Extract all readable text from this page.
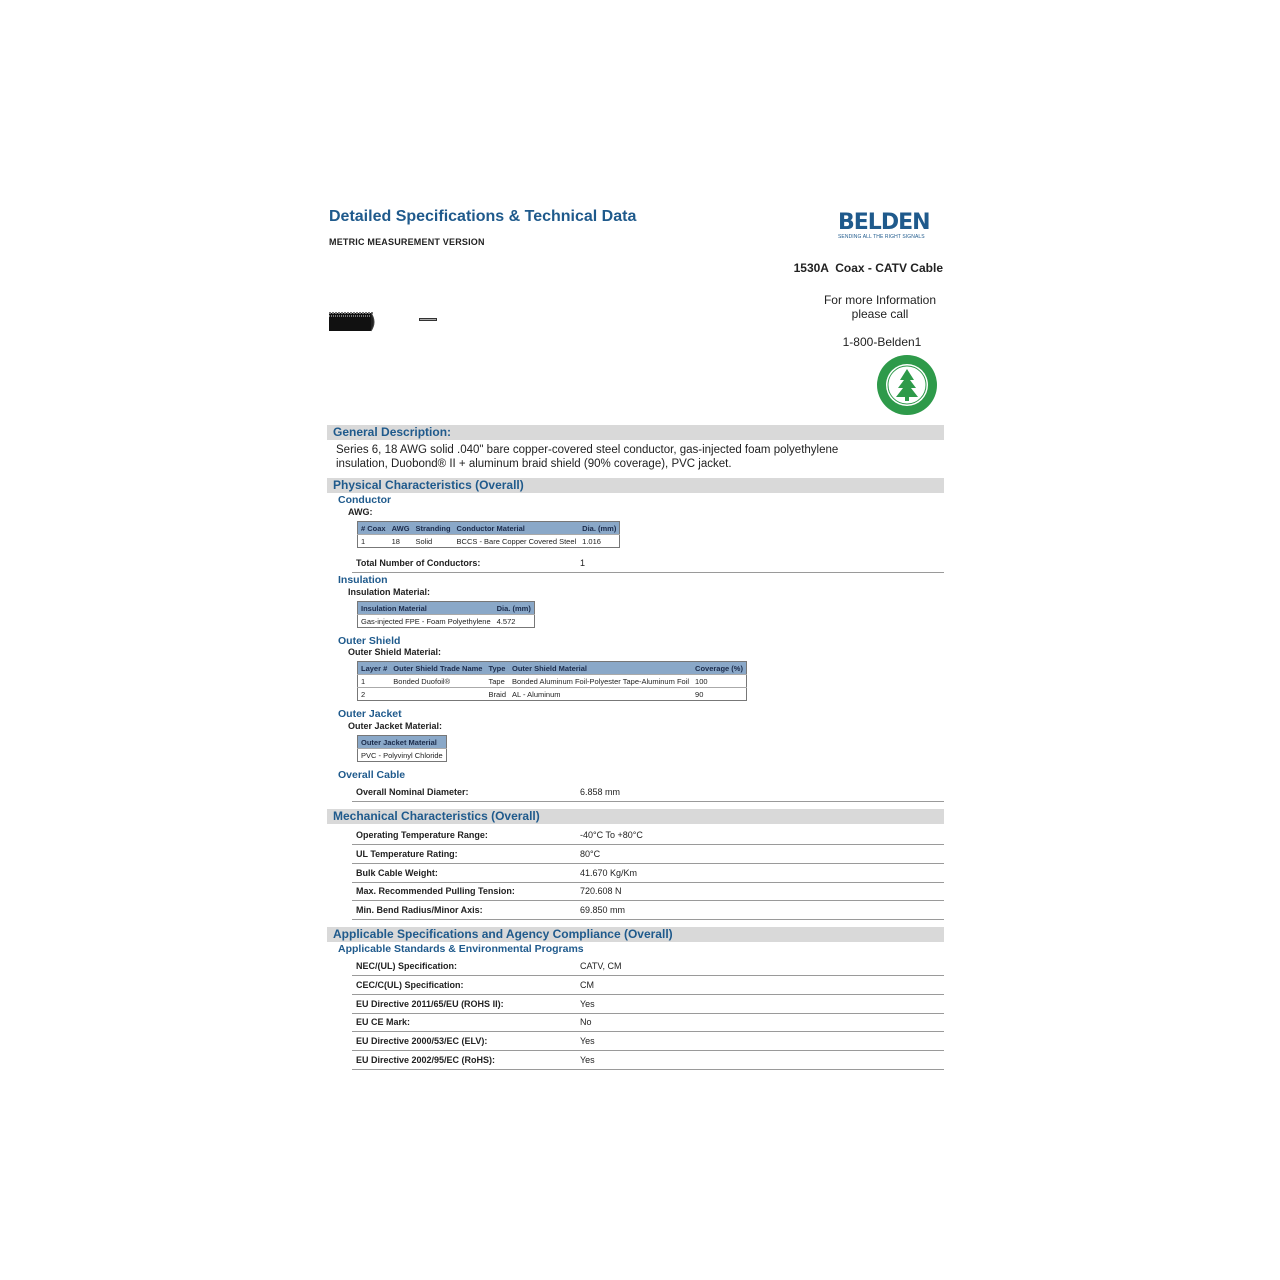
Detailed Specifications & Technical Data
METRIC MEASUREMENT VERSION
BELDEN
SENDING ALL THE RIGHT SIGNALS
1530A  Coax - CATV Cable
For more Information
please call
1-800-Belden1
General Description:
Series 6, 18 AWG solid .040" bare copper-covered steel conductor, gas-injected foam polyethylene
insulation, Duobond® II + aluminum braid shield (90% coverage), PVC jacket.
Physical Characteristics (Overall)
Conductor
AWG:
# Coax	AWG	Stranding	Conductor Material	Dia. (mm)
1	18	Solid	BCCS - Bare Copper Covered Steel	1.016
Total Number of Conductors:	1
Insulation
Insulation Material:
Insulation Material	Dia. (mm)
Gas-injected FPE - Foam Polyethylene	4.572
Outer Shield
Outer Shield Material:
Layer #	Outer Shield Trade Name	Type	Outer Shield Material	Coverage (%)
1	Bonded Duofoil®	Tape	Bonded Aluminum Foil-Polyester Tape-Aluminum Foil	100
2		Braid	AL - Aluminum	90
Outer Jacket
Outer Jacket Material:
Outer Jacket Material
PVC - Polyvinyl Chloride
Overall Cable
Overall Nominal Diameter:	6.858 mm
Mechanical Characteristics (Overall)
Operating Temperature Range:	-40°C To +80°C
UL Temperature Rating:	80°C
Bulk Cable Weight:	41.670 Kg/Km
Max. Recommended Pulling Tension:	720.608 N
Min. Bend Radius/Minor Axis:	69.850 mm
Applicable Specifications and Agency Compliance (Overall)
Applicable Standards & Environmental Programs
NEC/(UL) Specification:	CATV, CM
CEC/C(UL) Specification:	CM
EU Directive 2011/65/EU (ROHS II):	Yes
EU CE Mark:	No
EU Directive 2000/53/EC (ELV):	Yes
EU Directive 2002/95/EC (RoHS):	Yes
